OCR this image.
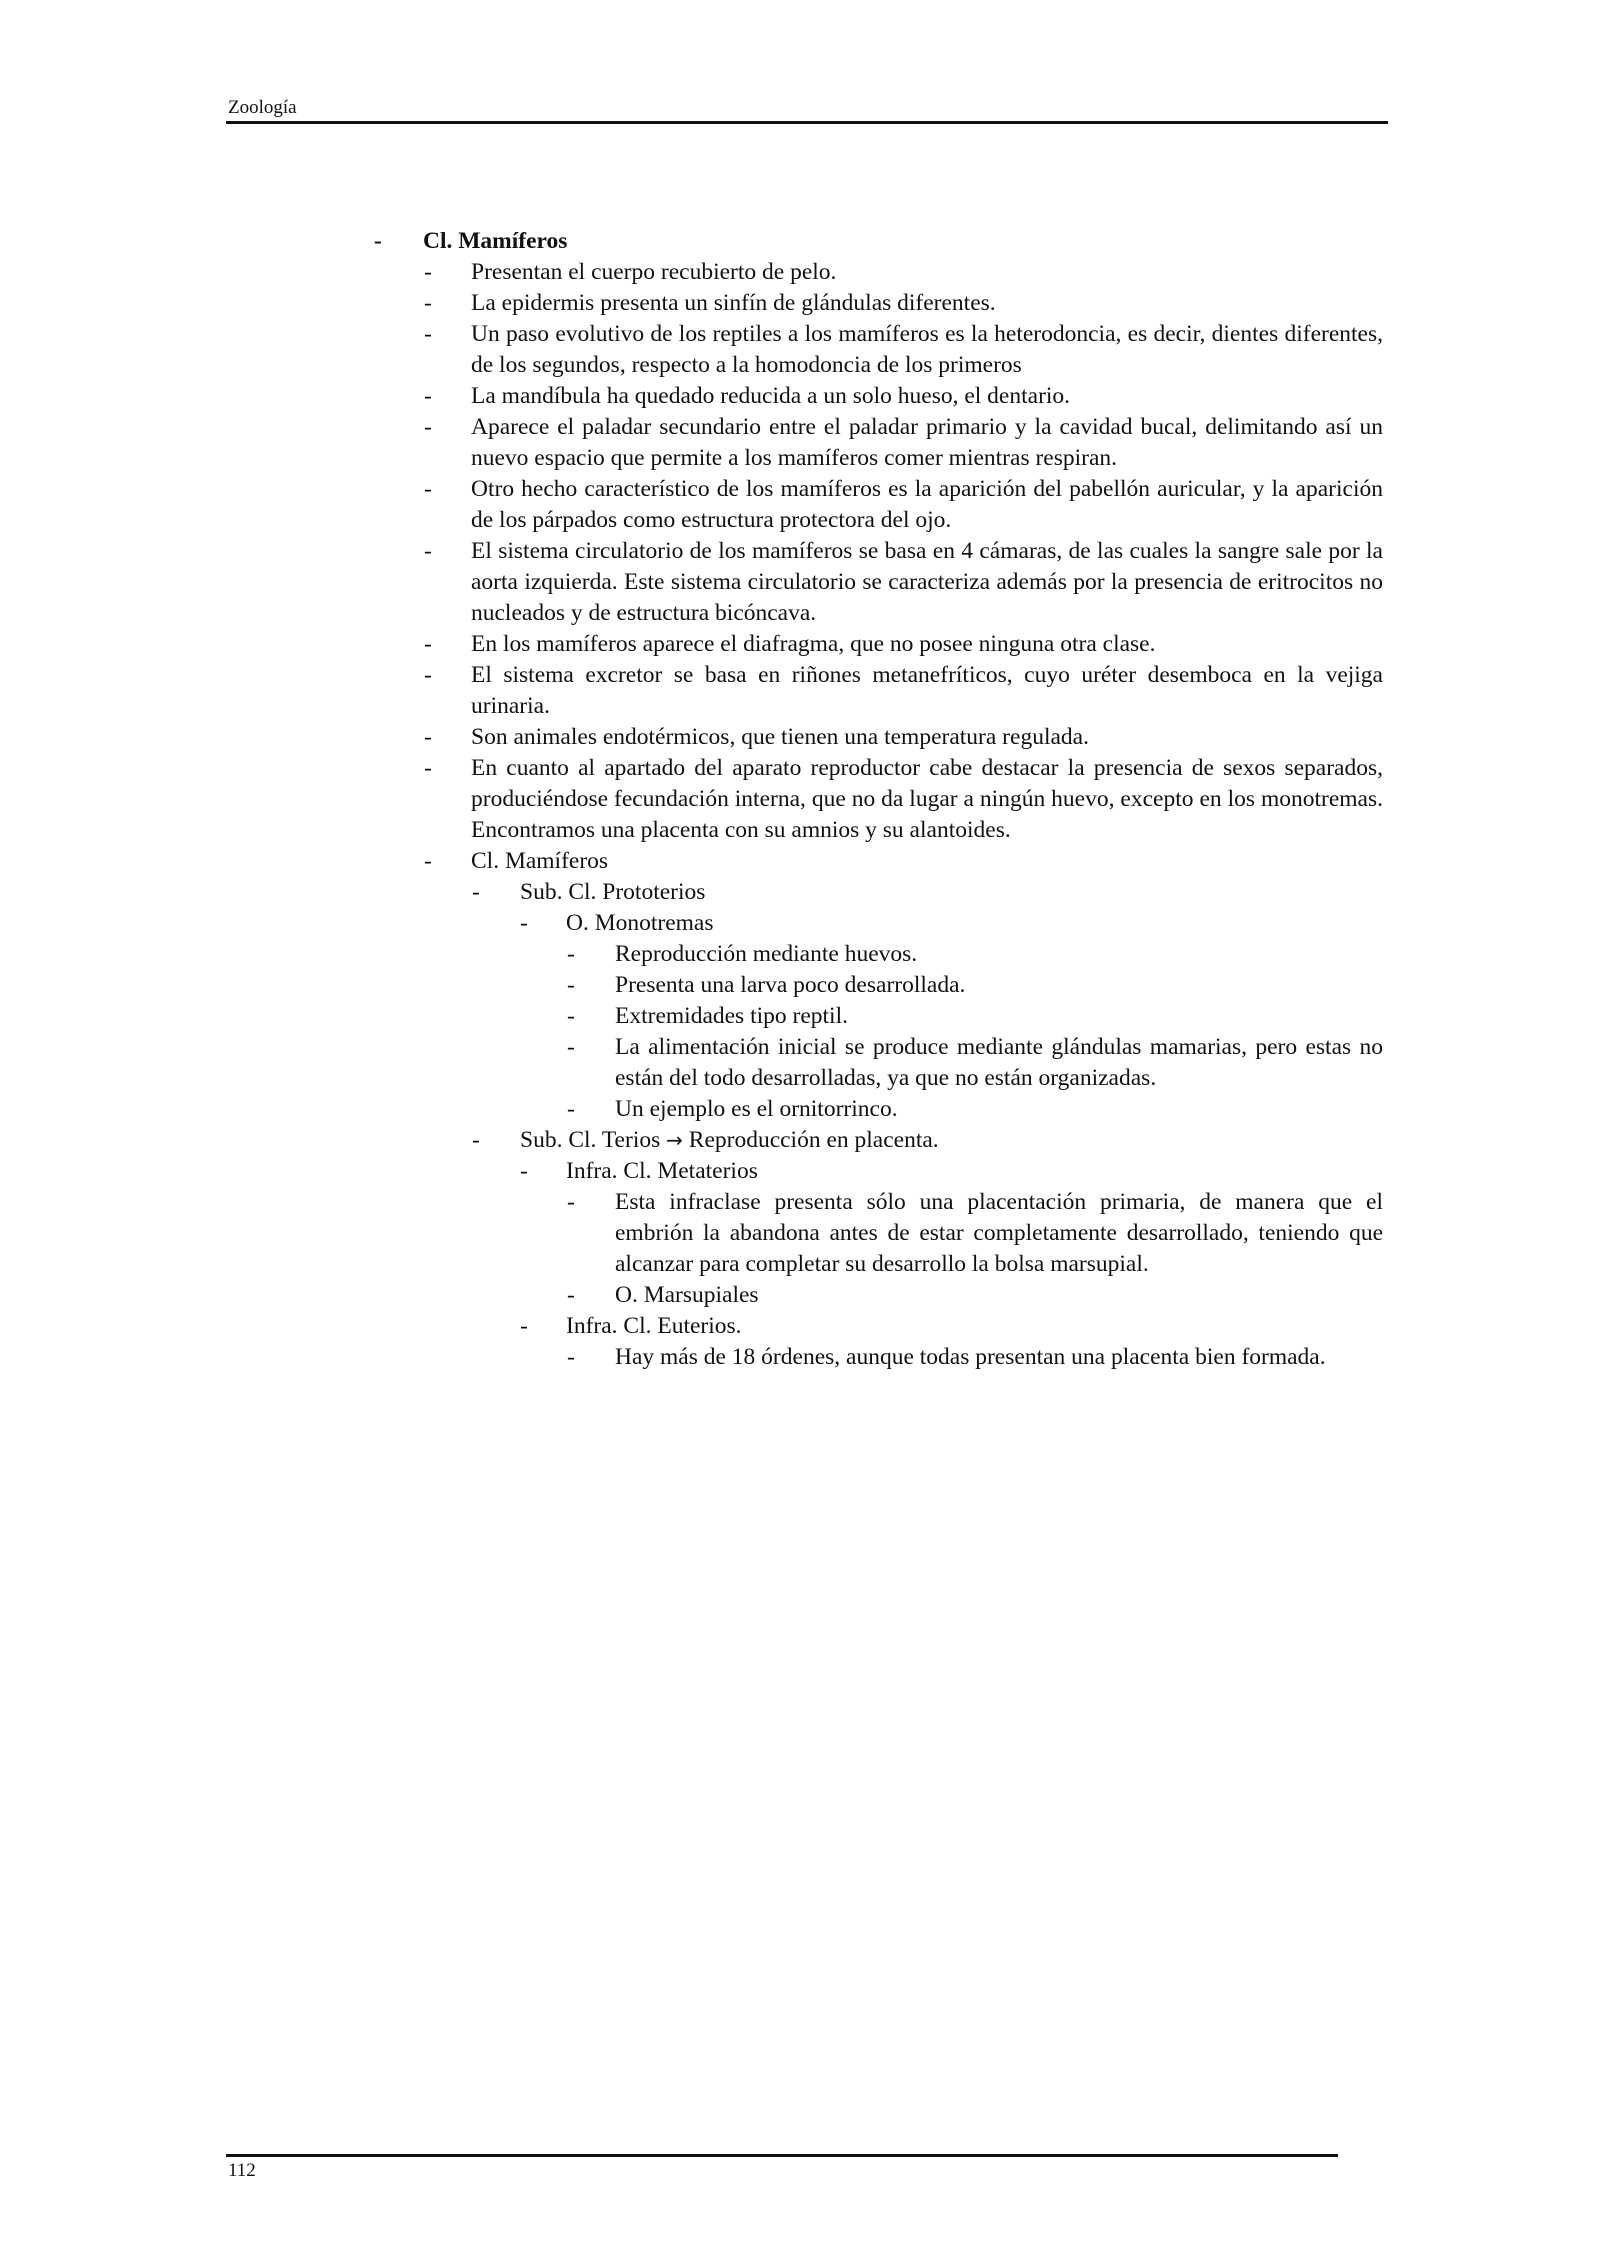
Zoología
- Cl. Mamíferos
- Presentan el cuerpo recubierto de pelo.
- La epidermis presenta un sinfín de glándulas diferentes.
- Un paso evolutivo de los reptiles a los mamíferos es la heterodoncia, es decir, dientes diferentes, de los segundos, respecto a la homodoncia de los primeros
- La mandíbula ha quedado reducida a un solo hueso, el dentario.
- Aparece el paladar secundario entre el paladar primario y la cavidad bucal, delimitando así un nuevo espacio que permite a los mamíferos comer mientras respiran.
- Otro hecho característico de los mamíferos es la aparición del pabellón auricular, y la aparición de los párpados como estructura protectora del ojo.
- El sistema circulatorio de los mamíferos se basa en 4 cámaras, de las cuales la sangre sale por la aorta izquierda. Este sistema circulatorio se caracteriza además por la presencia de eritrocitos no nucleados y de estructura bicóncava.
- En los mamíferos aparece el diafragma, que no posee ninguna otra clase.
- El sistema excretor se basa en riñones metanefríticos, cuyo uréter desemboca en la vejiga urinaria.
- Son animales endotérmicos, que tienen una temperatura regulada.
- En cuanto al apartado del aparato reproductor cabe destacar la presencia de sexos separados, produciéndose fecundación interna, que no da lugar a ningún huevo, excepto en los monotremas. Encontramos una placenta con su amnios y su alantoides.
- Cl. Mamíferos
- Sub. Cl. Prototerios
- O. Monotremas
- Reproducción mediante huevos.
- Presenta una larva poco desarrollada.
- Extremidades tipo reptil.
- La alimentación inicial se produce mediante glándulas mamarias, pero estas no están del todo desarrolladas, ya que no están organizadas.
- Un ejemplo es el ornitorrinco.
- Sub. Cl. Terios → Reproducción en placenta.
- Infra. Cl. Metaterios
- Esta infraclase presenta sólo una placentación primaria, de manera que el embrión la abandona antes de estar completamente desarrollado, teniendo que alcanzar para completar su desarrollo la bolsa marsupial.
- O. Marsupiales
- Infra. Cl. Euterios.
- Hay más de 18 órdenes, aunque todas presentan una placenta bien formada.
112
